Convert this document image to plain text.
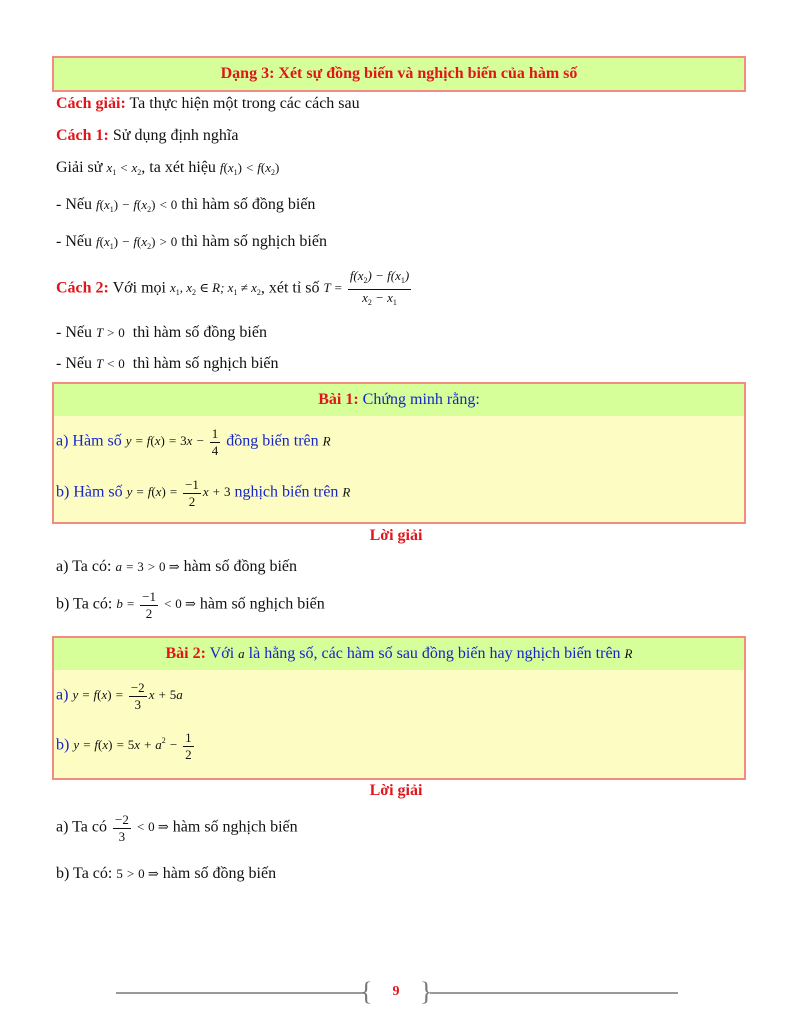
Dạng 3: Xét sự đồng biến và nghịch biến của hàm số
Cách giải: Ta thực hiện một trong các cách sau
Cách 1: Sử dụng định nghĩa
Giải sử $x_1 < x_2$, ta xét hiệu $f(x_1) < f(x_2)$
- Nếu $f(x_1) - f(x_2) < 0$ thì hàm số đồng biến
- Nếu $f(x_1) - f(x_2) > 0$ thì hàm số nghịch biến
Cách 2: Với mọi $x_1$, $x_2$ ∈ R; $x_1 \ne x_2$, xét tỉ số $T = \frac{f(x_2) - f(x_1)}{x_2 - x_1}$
- Nếu T > 0 thì hàm số đồng biến
- Nếu T < 0 thì hàm số nghịch biến
Bài 1: Chứng minh rằng:
a) Hàm số $y = f(x) = 3x - \frac{1}{4}$ đồng biến trên R
b) Hàm số $y = f(x) = \frac{-1}{2}$ x + 3 nghịch biến trên R
Lời giải
a) Ta có: a = 3 > 0 ⇒ hàm số đồng biến
b) Ta có: $b = \frac{-1}{2} < 0$ ⇒ hàm số nghịch biến
Bài 2: Với a là hằng số, các hàm số sau đồng biến hay nghịch biến trên R
a) $y = f(x) = \frac{-2}{3}$ x + 5a
b) $y = f(x) = 5x + a^2 - \frac{1}{2}$
Lời giải
a) Ta có $\frac{-2}{3} < 0$ ⇒ hàm số nghịch biến
b) Ta có: 5 > 0 ⇒ hàm số đồng biến
{ }
9
